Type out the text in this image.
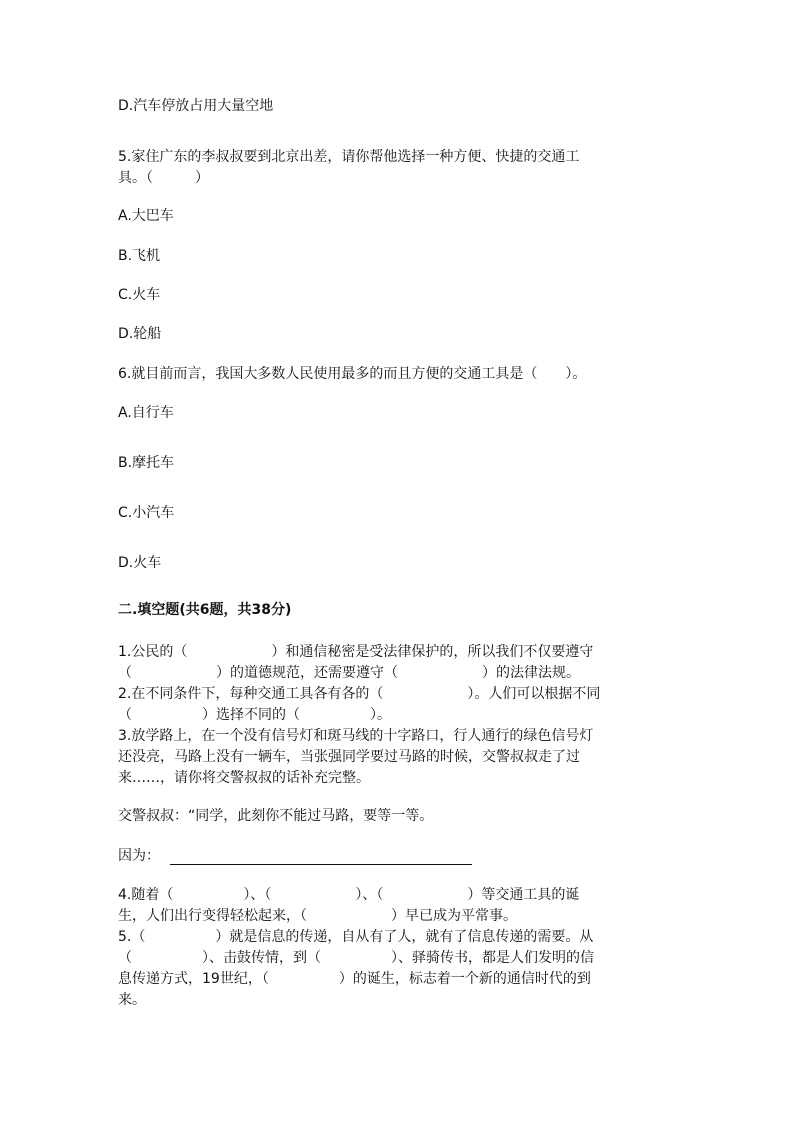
D.汽车停放占用大量空地

5.家住广东的李叔叔要到北京出差，请你帮他选择一种方便、快捷的交通工

具。（　　　）

A.大巴车

B.飞机

C.火车

D.轮船

6.就目前而言，我国大多数人民使用最多的而且方便的交通工具是（　　）。

A.自行车

B.摩托车

C.小汽车

D.火车

二.填空题(共6题，共38分)

1.公民的（　　　　　　）和通信秘密是受法律保护的，所以我们不仅要遵守

（　　　　　　）的道德规范，还需要遵守（　　　　　　）的法律法规。

2.在不同条件下，每种交通工具各有各的（　　　　　　）。人们可以根据不同

（　　　　　）选择不同的（　　　　　）。

3.放学路上，在一个没有信号灯和斑马线的十字路口，行人通行的绿色信号灯

还没亮，马路上没有一辆车，当张强同学要过马路的时候，交警叔叔走了过

来……，请你将交警叔叔的话补充完整。

交警叔叔：“同学，此刻你不能过马路，要等一等。

因为：

4.随着（　　　　　）、（　　　　　　）、（　　　　　　）等交通工具的诞

生，人们出行变得轻松起来，（　　　　　　）早已成为平常事。

5.（　　　　　）就是信息的传递，自从有了人，就有了信息传递的需要。从

（　　　　　）、击鼓传情，到（　　　　　）、驿骑传书，都是人们发明的信

息传递方式，19世纪，（　　　　　）的诞生，标志着一个新的通信时代的到

来。
